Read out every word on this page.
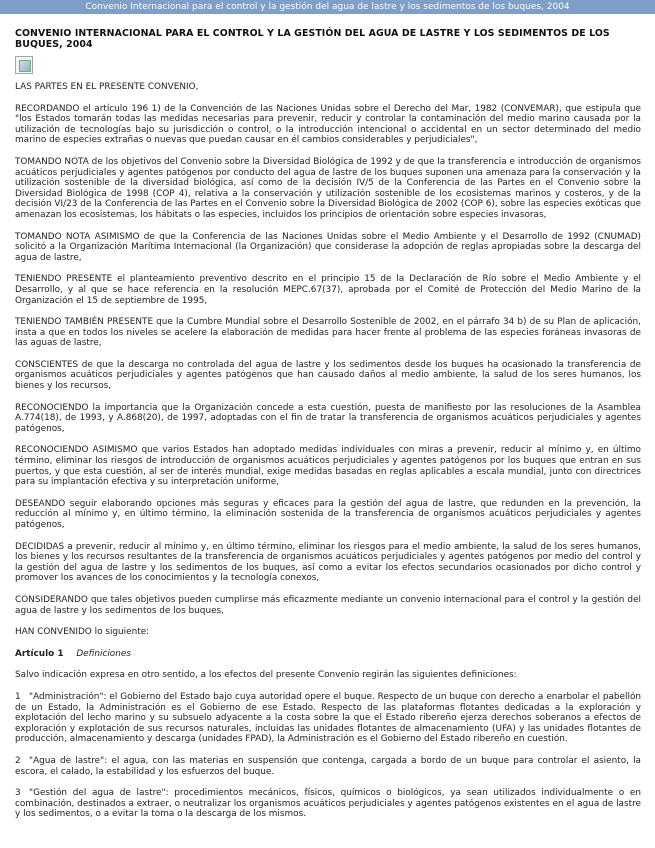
Convenio Internacional para el control y la gestión del agua de lastre y los sedimentos de los buques, 2004
CONVENIO INTERNACIONAL PARA EL CONTROL Y LA GESTIÓN DEL AGUA DE LASTRE Y LOS SEDIMENTOS DE LOS BUQUES, 2004

LAS PARTES EN EL PRESENTE CONVENIO,

RECORDANDO el artículo 196 1) de la Convención de las Naciones Unidas sobre el Derecho del Mar, 1982 (CONVEMAR), que estipula que "los Estados tomarán todas las medidas necesarias para prevenir, reducir y controlar la contaminación del medio marino causada por la utilización de tecnologías bajo su jurisdicción o control, o la introducción intencional o accidental en un sector determinado del medio marino de especies extrañas o nuevas que puedan causar en él cambios considerables y perjudiciales",

TOMANDO NOTA de los objetivos del Convenio sobre la Diversidad Biológica de 1992 y de que la transferencia e introducción de organismos acuáticos perjudiciales y agentes patógenos por conducto del agua de lastre de los buques suponen una amenaza para la conservación y la utilización sostenible de la diversidad biológica, así como de la decisión IV/5 de la Conferencia de las Partes en el Convenio sobre la Diversidad Biológica de 1998 (COP 4), relativa a la conservación y utilización sostenible de los ecosistemas marinos y costeros, y de la decisión VI/23 de la Conferencia de las Partes en el Convenio sobre la Diversidad Biológica de 2002 (COP 6), sobre las especies exóticas que amenazan los ecosistemas, los hábitats o las especies, incluidos los principios de orientación sobre especies invasoras,

TOMANDO NOTA ASIMISMO de que la Conferencia de las Naciones Unidas sobre el Medio Ambiente y el Desarrollo de 1992 (CNUMAD) solicitó a la Organización Marítima Internacional (la Organización) que considerase la adopción de reglas apropiadas sobre la descarga del agua de lastre,

TENIENDO PRESENTE el planteamiento preventivo descrito en el principio 15 de la Declaración de Río sobre el Medio Ambiente y el Desarrollo, y al que se hace referencia en la resolución MEPC.67(37), aprobada por el Comité de Protección del Medio Marino de la Organización el 15 de septiembre de 1995,

TENIENDO TAMBIÉN PRESENTE que la Cumbre Mundial sobre el Desarrollo Sostenible de 2002, en el párrafo 34 b) de su Plan de aplicación, insta a que en todos los niveles se acelere la elaboración de medidas para hacer frente al problema de las especies foráneas invasoras de las aguas de lastre,

CONSCIENTES de que la descarga no controlada del agua de lastre y los sedimentos desde los buques ha ocasionado la transferencia de organismos acuáticos perjudiciales y agentes patógenos que han causado daños al medio ambiente, la salud de los seres humanos, los bienes y los recursos,

RECONOCIENDO la importancia que la Organización concede a esta cuestión, puesta de manifiesto por las resoluciones de la Asamblea A.774(18), de 1993, y A.868(20), de 1997, adoptadas con el fin de tratar la transferencia de organismos acuáticos perjudiciales y agentes patógenos,

RECONOCIENDO ASIMISMO que varios Estados han adoptado medidas individuales con miras a prevenir, reducir al mínimo y, en último término, eliminar los riesgos de introducción de organismos acuáticos perjudiciales y agentes patógenos por los buques que entran en sus puertos, y que esta cuestión, al ser de interés mundial, exige medidas basadas en reglas aplicables a escala mundial, junto con directrices para su implantación efectiva y su interpretación uniforme,

DESEANDO seguir elaborando opciones más seguras y eficaces para la gestión del agua de lastre, que redunden en la prevención, la reducción al mínimo y, en último término, la eliminación sostenida de la transferencia de organismos acuáticos perjudiciales y agentes patógenos,

DECIDIDAS a prevenir, reducir al mínimo y, en último término, eliminar los riesgos para el medio ambiente, la salud de los seres humanos, los bienes y los recursos resultantes de la transferencia de organismos acuáticos perjudiciales y agentes patógenos por medio del control y la gestión del agua de lastre y los sedimentos de los buques, así como a evitar los efectos secundarios ocasionados por dicho control y promover los avances de los conocimientos y la tecnología conexos,

CONSIDERANDO que tales objetivos pueden cumplirse más eficazmente mediante un convenio internacional para el control y la gestión del agua de lastre y los sedimentos de los buques,

HAN CONVENIDO lo siguiente:

Artículo 1 Definiciones

Salvo indicación expresa en otro sentido, a los efectos del presente Convenio regirán las siguientes definiciones:

1 "Administración": el Gobierno del Estado bajo cuya autoridad opere el buque. Respecto de un buque con derecho a enarbolar el pabellón de un Estado, la Administración es el Gobierno de ese Estado. Respecto de las plataformas flotantes dedicadas a la exploración y explotación del lecho marino y su subsuelo adyacente a la costa sobre la que el Estado ribereño ejerza derechos soberanos a efectos de exploración y explotación de sus recursos naturales, incluidas las unidades flotantes de almacenamiento (UFA) y las unidades flotantes de producción, almacenamiento y descarga (unidades FPAD), la Administración es el Gobierno del Estado ribereño en cuestión.

2 "Agua de lastre": el agua, con las materias en suspensión que contenga, cargada a bordo de un buque para controlar el asiento, la escora, el calado, la estabilidad y los esfuerzos del buque.

3 "Gestión del agua de lastre": procedimientos mecánicos, físicos, químicos o biológicos, ya sean utilizados individualmente o en combinación, destinados a extraer, o neutralizar los organismos acuáticos perjudiciales y agentes patógenos existentes en el agua de lastre y los sedimentos, o a evitar la toma o la descarga de los mismos.
